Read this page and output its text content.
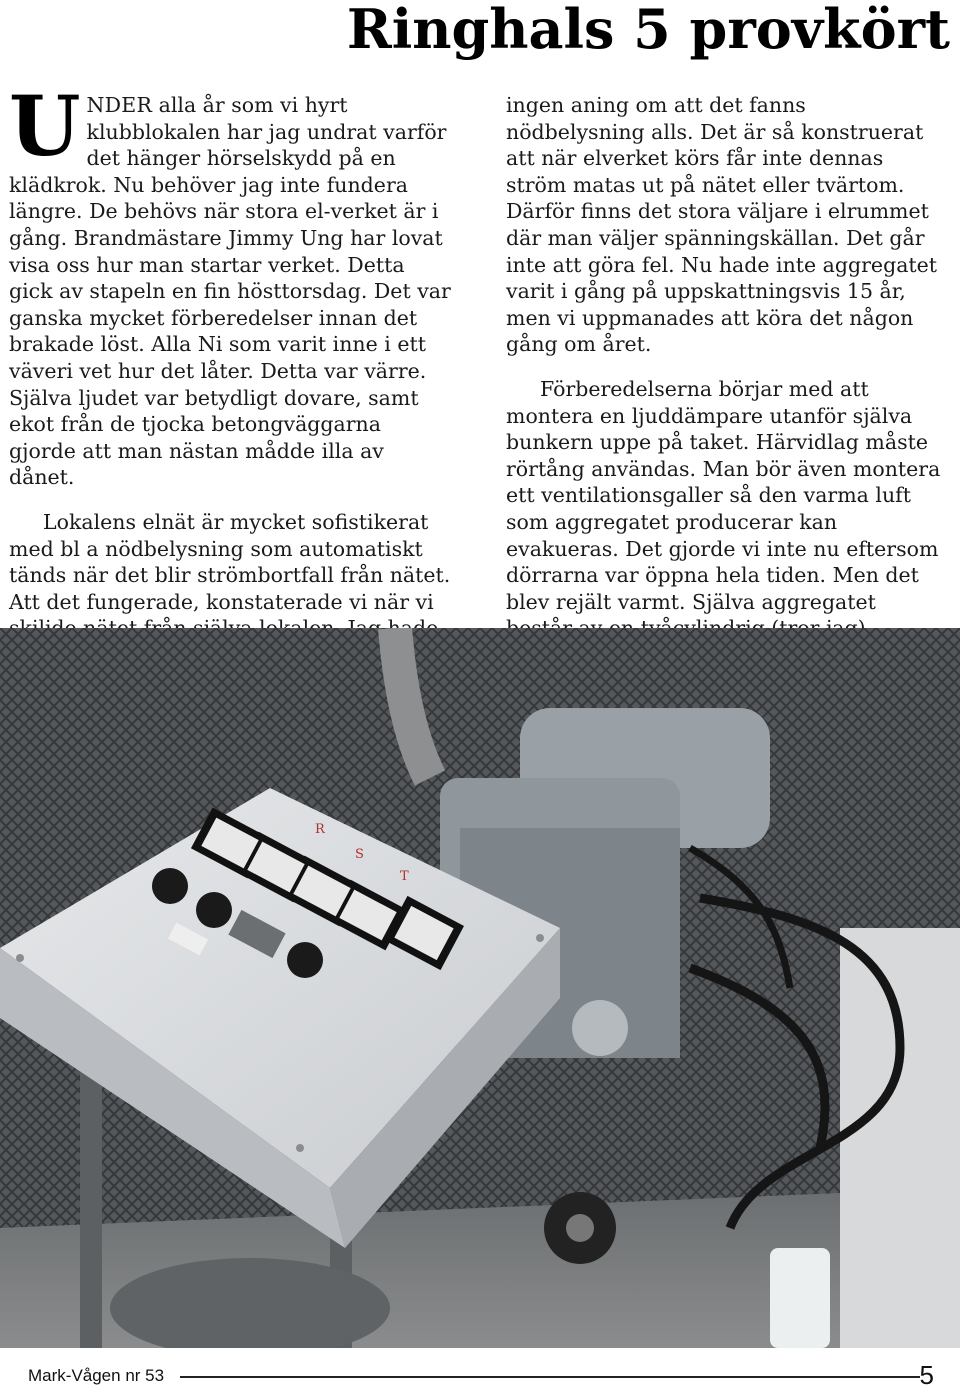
Ringhals 5 provkört

UNDER alla år som vi hyrt klubblokalen har jag undrat varför det hänger hörselskydd på en klädkrok. Nu behöver jag inte fundera längre. De behövs när stora el-verket är i gång. Brandmästare Jimmy Ung har lovat visa oss hur man startar verket. Detta gick av stapeln en fin hösttorsdag. Det var ganska mycket förberedelser innan det brakade löst. Alla Ni som varit inne i ett väveri vet hur det låter. Detta var värre. Själva ljudet var betydligt dovare, samt ekot från de tjocka betongväggarna gjorde att man nästan mådde illa av dånet.

Lokalens elnät är mycket sofistikerat med bl a nödbelysning som automatiskt tänds när det blir strömbortfall från nätet. Att det fungerade, konstaterade vi när vi

ingen aning om att det fanns nödbelysning alls. Det är så konstruerat att när elverket körs får inte dennas ström matas ut på nätet eller tvärtom. Därför finns det stora väljare i elrummet där man väljer spänningskällan. Det går inte att göra fel. Nu hade inte aggregatet varit i gång på uppskattningsvis 15 år, men vi uppmanades att köra det någon gång om året.

Förberedelserna börjar med att montera en ljuddämpare utanför själva bunkern uppe på taket. Härvidlag måste rörtång användas. Man bör även montera ett ventilationsgaller så den varma luft som aggregatet producerar kan evakueras. Det gjorde vi inte nu eftersom dörrarna var öppna hela tiden. Men det blev rejält varmt. Själva aggregatet

R
S
T
Mark-Vågen nr 53	5
